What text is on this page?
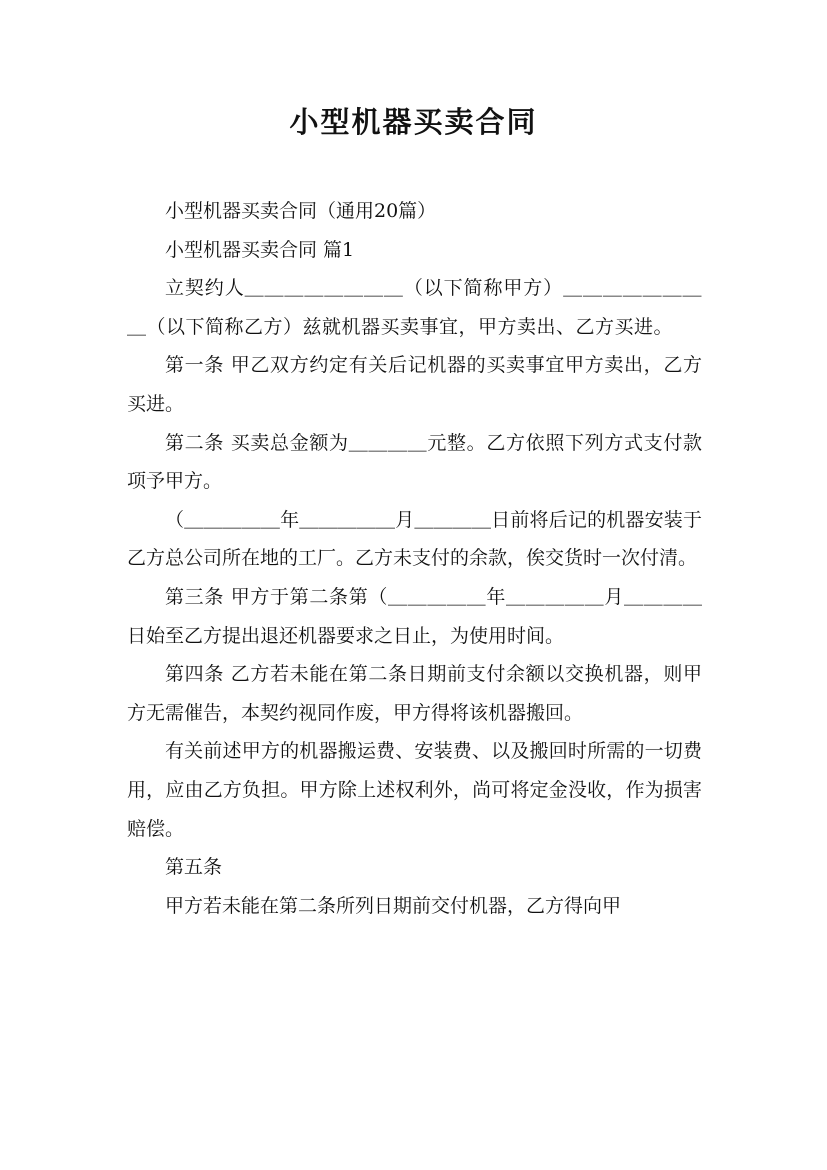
小型机器买卖合同

小型机器买卖合同（通用20篇）

小型机器买卖合同 篇1

立契约人＿＿＿＿＿＿＿＿（以下简称甲方）＿＿＿＿＿＿＿＿（以下简称乙方）兹就机器买卖事宜，甲方卖出、乙方买进。

第一条 甲乙双方约定有关后记机器的买卖事宜甲方卖出，乙方买进。

第二条 买卖总金额为＿＿＿＿元整。乙方依照下列方式支付款项予甲方。

（＿＿＿＿＿年＿＿＿＿＿月＿＿＿＿日前将后记的机器安装于乙方总公司所在地的工厂。乙方未支付的余款，俟交货时一次付清。

第三条 甲方于第二条第（＿＿＿＿＿年＿＿＿＿＿月＿＿＿＿日始至乙方提出退还机器要求之日止，为使用时间。

第四条 乙方若未能在第二条日期前支付余额以交换机器，则甲方无需催告，本契约视同作废，甲方得将该机器搬回。

有关前述甲方的机器搬运费、安装费、以及搬回时所需的一切费用，应由乙方负担。甲方除上述权利外，尚可将定金没收，作为损害赔偿。

第五条

甲方若未能在第二条所列日期前交付机器，乙方得向甲
